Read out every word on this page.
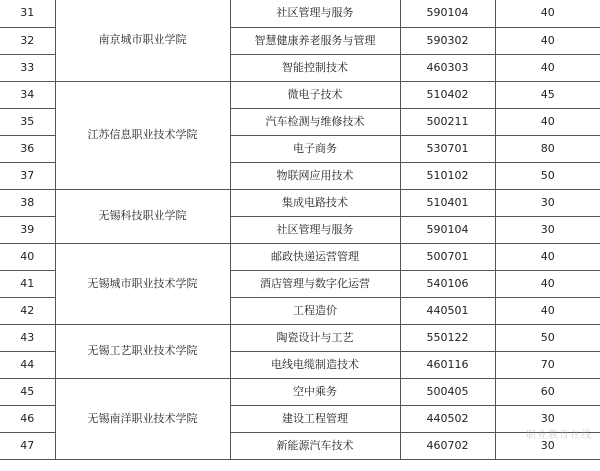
31	南京城市职业学院	社区管理与服务	590104	40
32		智慧健康养老服务与管理	590302	40
33		智能控制技术	460303	40
34	江苏信息职业技术学院	微电子技术	510402	45
35		汽车检测与维修技术	500211	40
36		电子商务	530701	80
37		物联网应用技术	510102	50
38	无锡科技职业学院	集成电路技术	510401	30
39		社区管理与服务	590104	30
40	无锡城市职业技术学院	邮政快递运营管理	500701	40
41		酒店管理与数字化运营	540106	40
42		工程造价	440501	40
43	无锡工艺职业技术学院	陶瓷设计与工艺	550122	50
44		电线电缆制造技术	460116	70
45	无锡南洋职业技术学院	空中乘务	500405	60
46		建设工程管理	440502	30
47		新能源汽车技术	460702	30
职业教育在线
